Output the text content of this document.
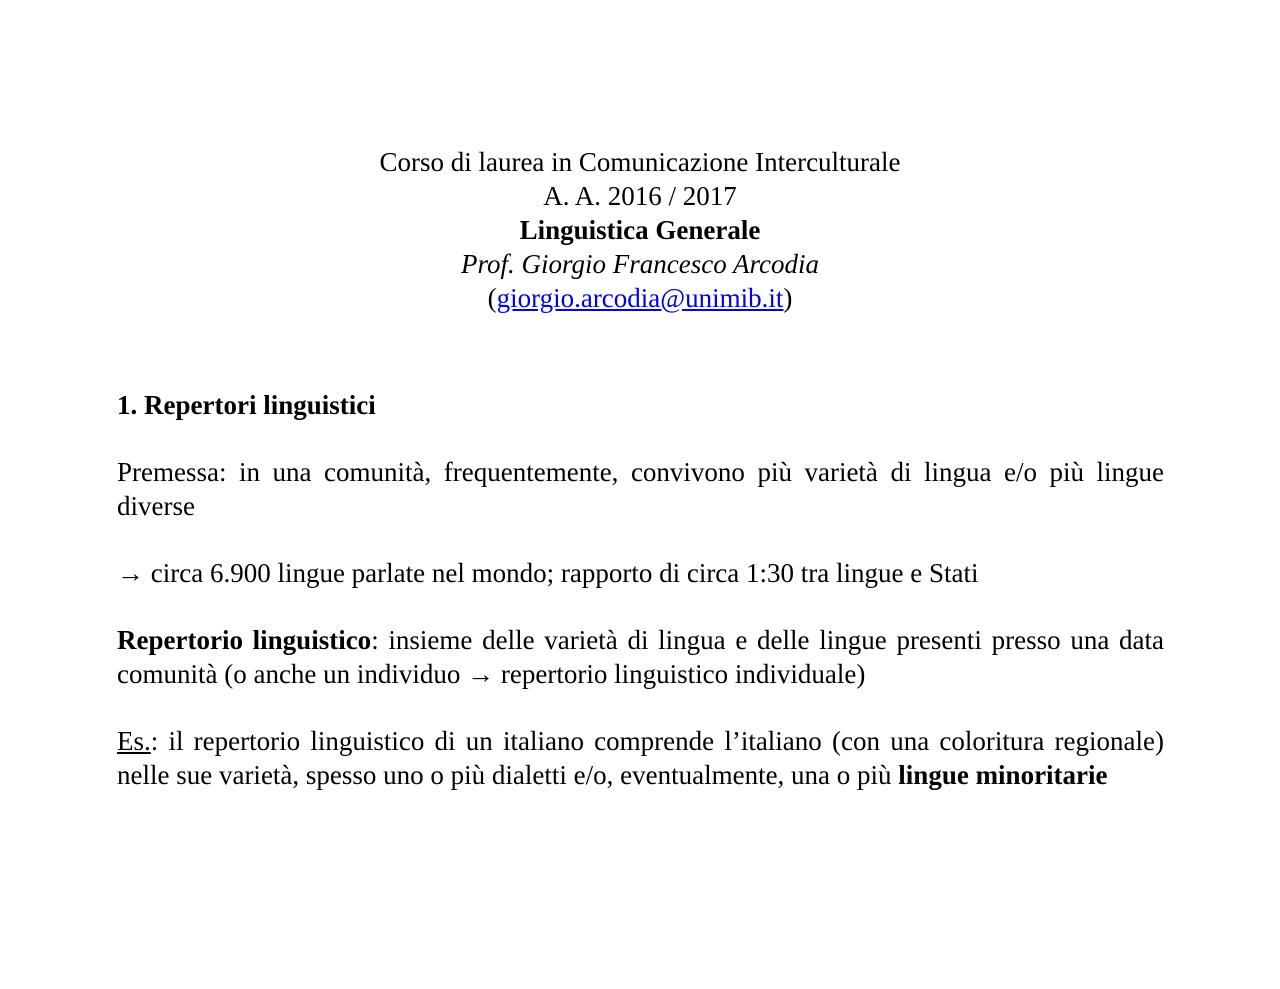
Corso di laurea in Comunicazione Interculturale
A. A. 2016 / 2017
Linguistica Generale
Prof. Giorgio Francesco Arcodia
(giorgio.arcodia@unimib.it)

1. Repertori linguistici

Premessa: in una comunità, frequentemente, convivono più varietà di lingua e/o più lingue diverse

→ circa 6.900 lingue parlate nel mondo; rapporto di circa 1:30 tra lingue e Stati

Repertorio linguistico: insieme delle varietà di lingua e delle lingue presenti presso una data comunità (o anche un individuo → repertorio linguistico individuale)

Es.: il repertorio linguistico di un italiano comprende l’italiano (con una coloritura regionale) nelle sue varietà, spesso uno o più dialetti e/o, eventualmente, una o più lingue minoritarie
